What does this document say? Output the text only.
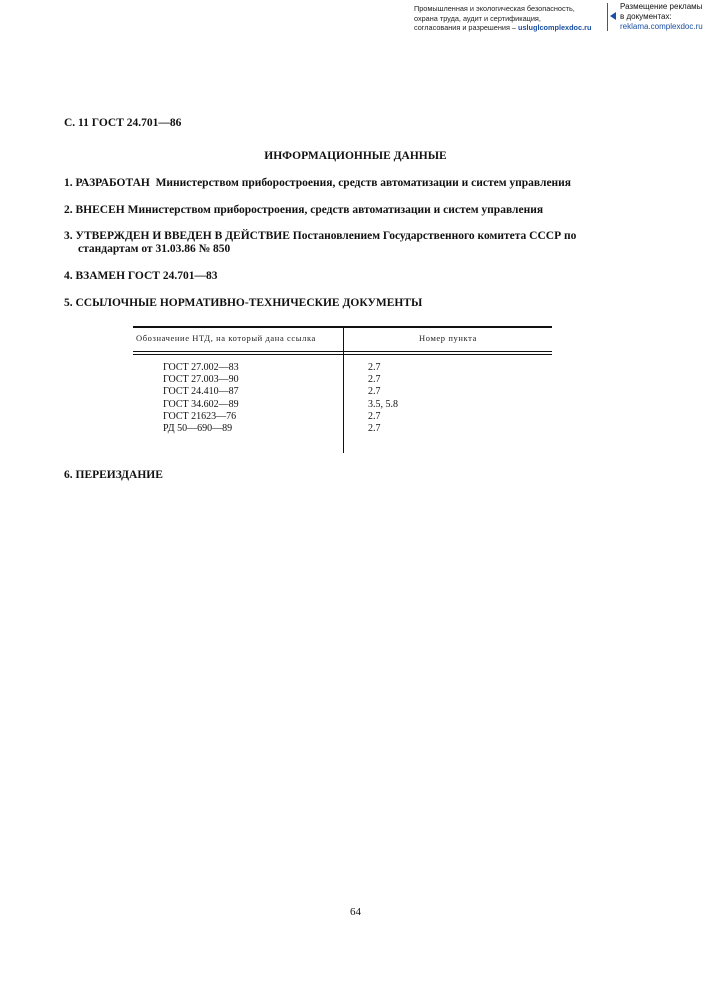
Промышленная и экологическая безопасность,
охрана труда, аудит и сертификация,
согласования и разрешения – usluglcomplexdoc.ru
Размещение рекламы
в документах:
reklama.complexdoc.ru
С. 11 ГОСТ 24.701—86
ИНФОРМАЦИОННЫЕ ДАННЫЕ
1. РАЗРАБОТАН Министерством приборостроения, средств автоматизации и систем управления
2. ВНЕСЕН Министерством приборостроения, средств автоматизации и систем управления
3. УТВЕРЖДЕН И ВВЕДЕН В ДЕЙСТВИЕ Постановлением Государственного комитета СССР по
стандартам от 31.03.86 № 850
4. ВЗАМЕН ГОСТ 24.701—83
5. ССЫЛОЧНЫЕ НОРМАТИВНО-ТЕХНИЧЕСКИЕ ДОКУМЕНТЫ
Обозначение НТД, на который дана ссылка	Номер пункта
ГОСТ 27.002—83
ГОСТ 27.003—90
ГОСТ 24.410—87
ГОСТ 34.602—89
ГОСТ 21623—76
РД 50—690—89
2.7
2.7
2.7
3.5, 5.8
2.7
2.7
6. ПЕРЕИЗДАНИЕ
64
